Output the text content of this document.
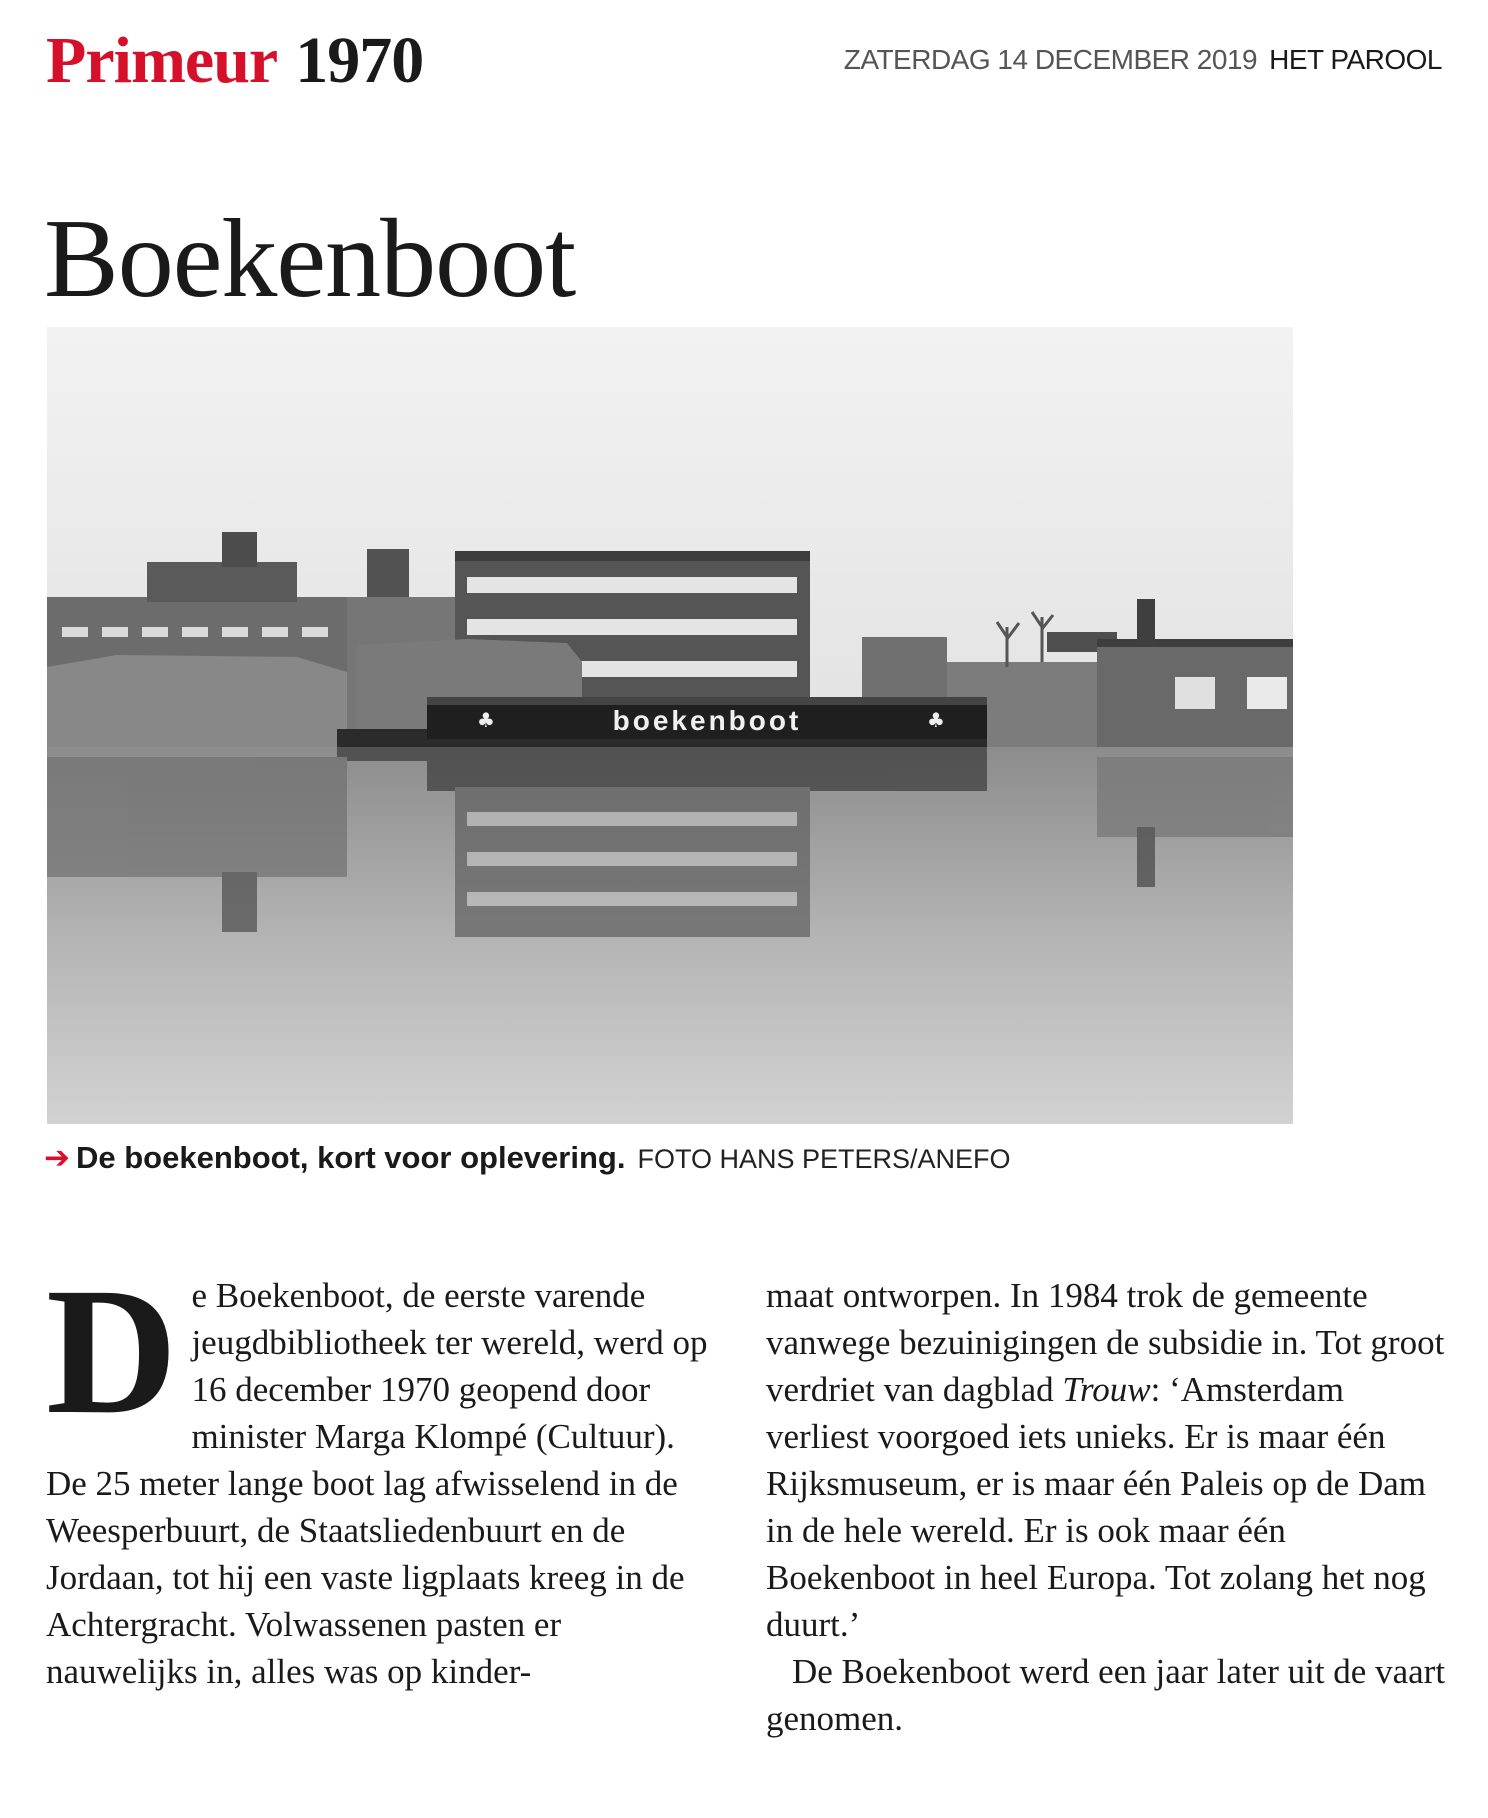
Primeur 1970	ZATERDAG 14 DECEMBER 2019 HET PAROOL
Boekenboot
boekenboot
♣	♣
➔ De boekenboot, kort voor oplevering. FOTO HANS PETERS/ANEFO

De Boekenboot, de eerste varende jeugdbibliotheek ter wereld, werd op 16 december 1970 geopend door minister Marga Klompé (Cultuur). De 25 meter lange boot lag afwisselend in de Weesperbuurt, de Staatsliedenbuurt en de Jordaan, tot hij een vaste ligplaats kreeg in de Achtergracht. Volwassenen pasten er nauwelijks in, alles was op kinder-

maat ontworpen. In 1984 trok de gemeente vanwege bezuinigingen de subsidie in. Tot groot verdriet van dagblad Trouw: ‘Amsterdam verliest voorgoed iets unieks. Er is maar één Rijksmuseum, er is maar één Paleis op de Dam in de hele wereld. Er is ook maar één Boekenboot in heel Europa. Tot zolang het nog duurt.’

De Boekenboot werd een jaar later uit de vaart genomen.
